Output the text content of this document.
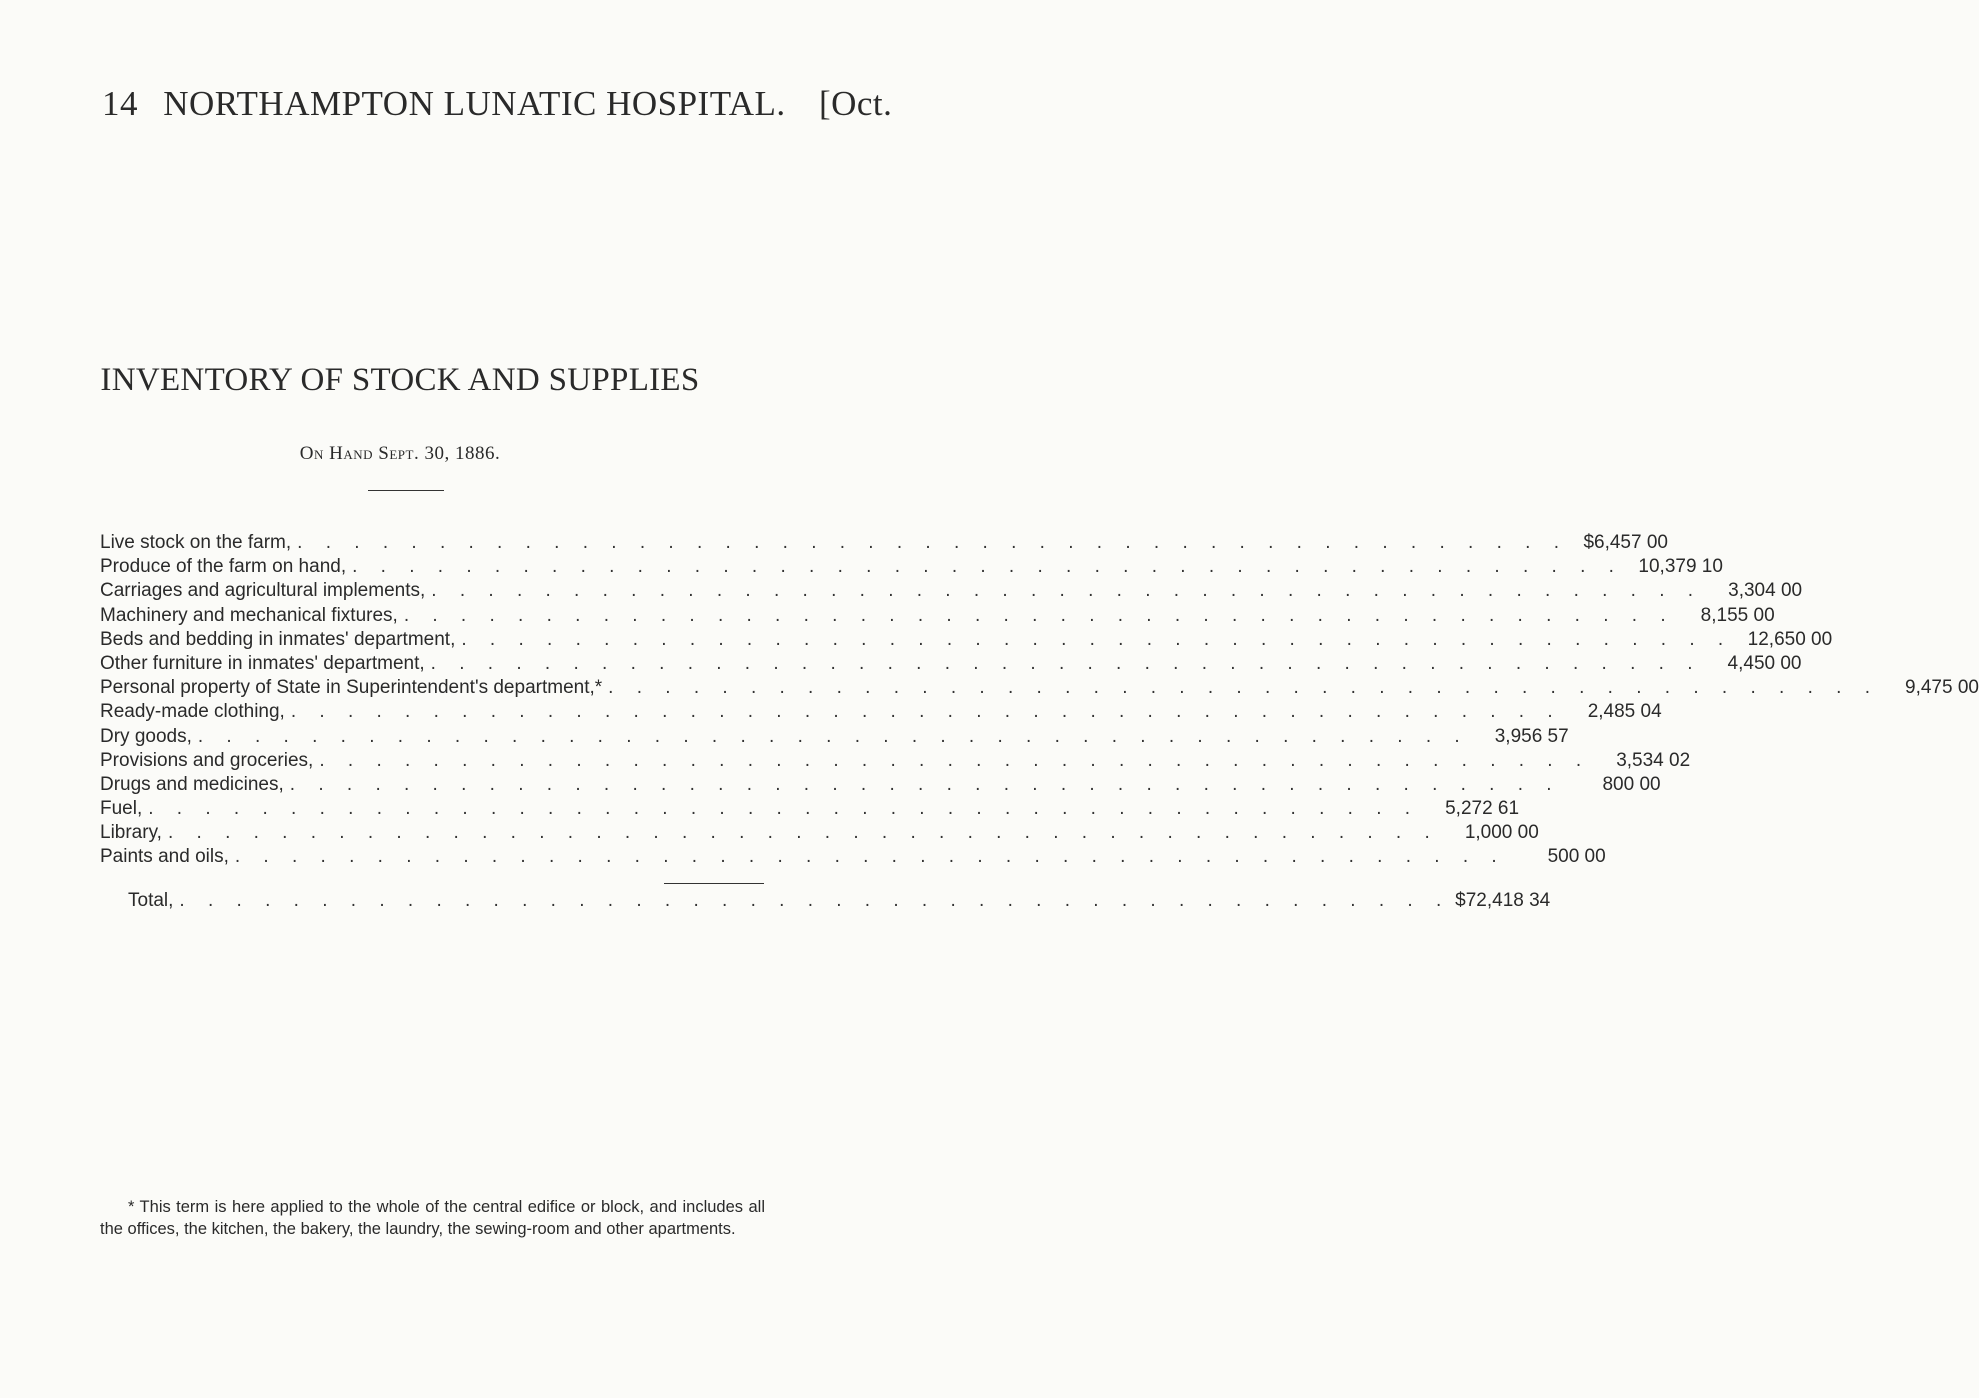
14 NORTHAMPTON LUNATIC HOSPITAL. [Oct.
INVENTORY OF STOCK AND SUPPLIES
On Hand Sept. 30, 1886.
Live stock on the farm, . . .	$6,457 00
Produce of the farm on hand, . . .	10,379 10
Carriages and agricultural implements, . . .	3,304 00
Machinery and mechanical fixtures, . . .	8,155 00
Beds and bedding in inmates' department, . . .	12,650 00
Other furniture in inmates' department, . . .	4,450 00
Personal property of State in Superintendent's department,* . . .	9,475 00
Ready-made clothing, . . .	2,485 04
Dry goods, . . .	3,956 57
Provisions and groceries, . . .	3,534 02
Drugs and medicines, . . .	800 00
Fuel, . . .	5,272 61
Library, . . .	1,000 00
Paints and oils, . . .	500 00
Total, . . .	$72,418 34
* This term is here applied to the whole of the central edifice or block, and includes all the offices, the kitchen, the bakery, the laundry, the sewing-room and other apartments.
